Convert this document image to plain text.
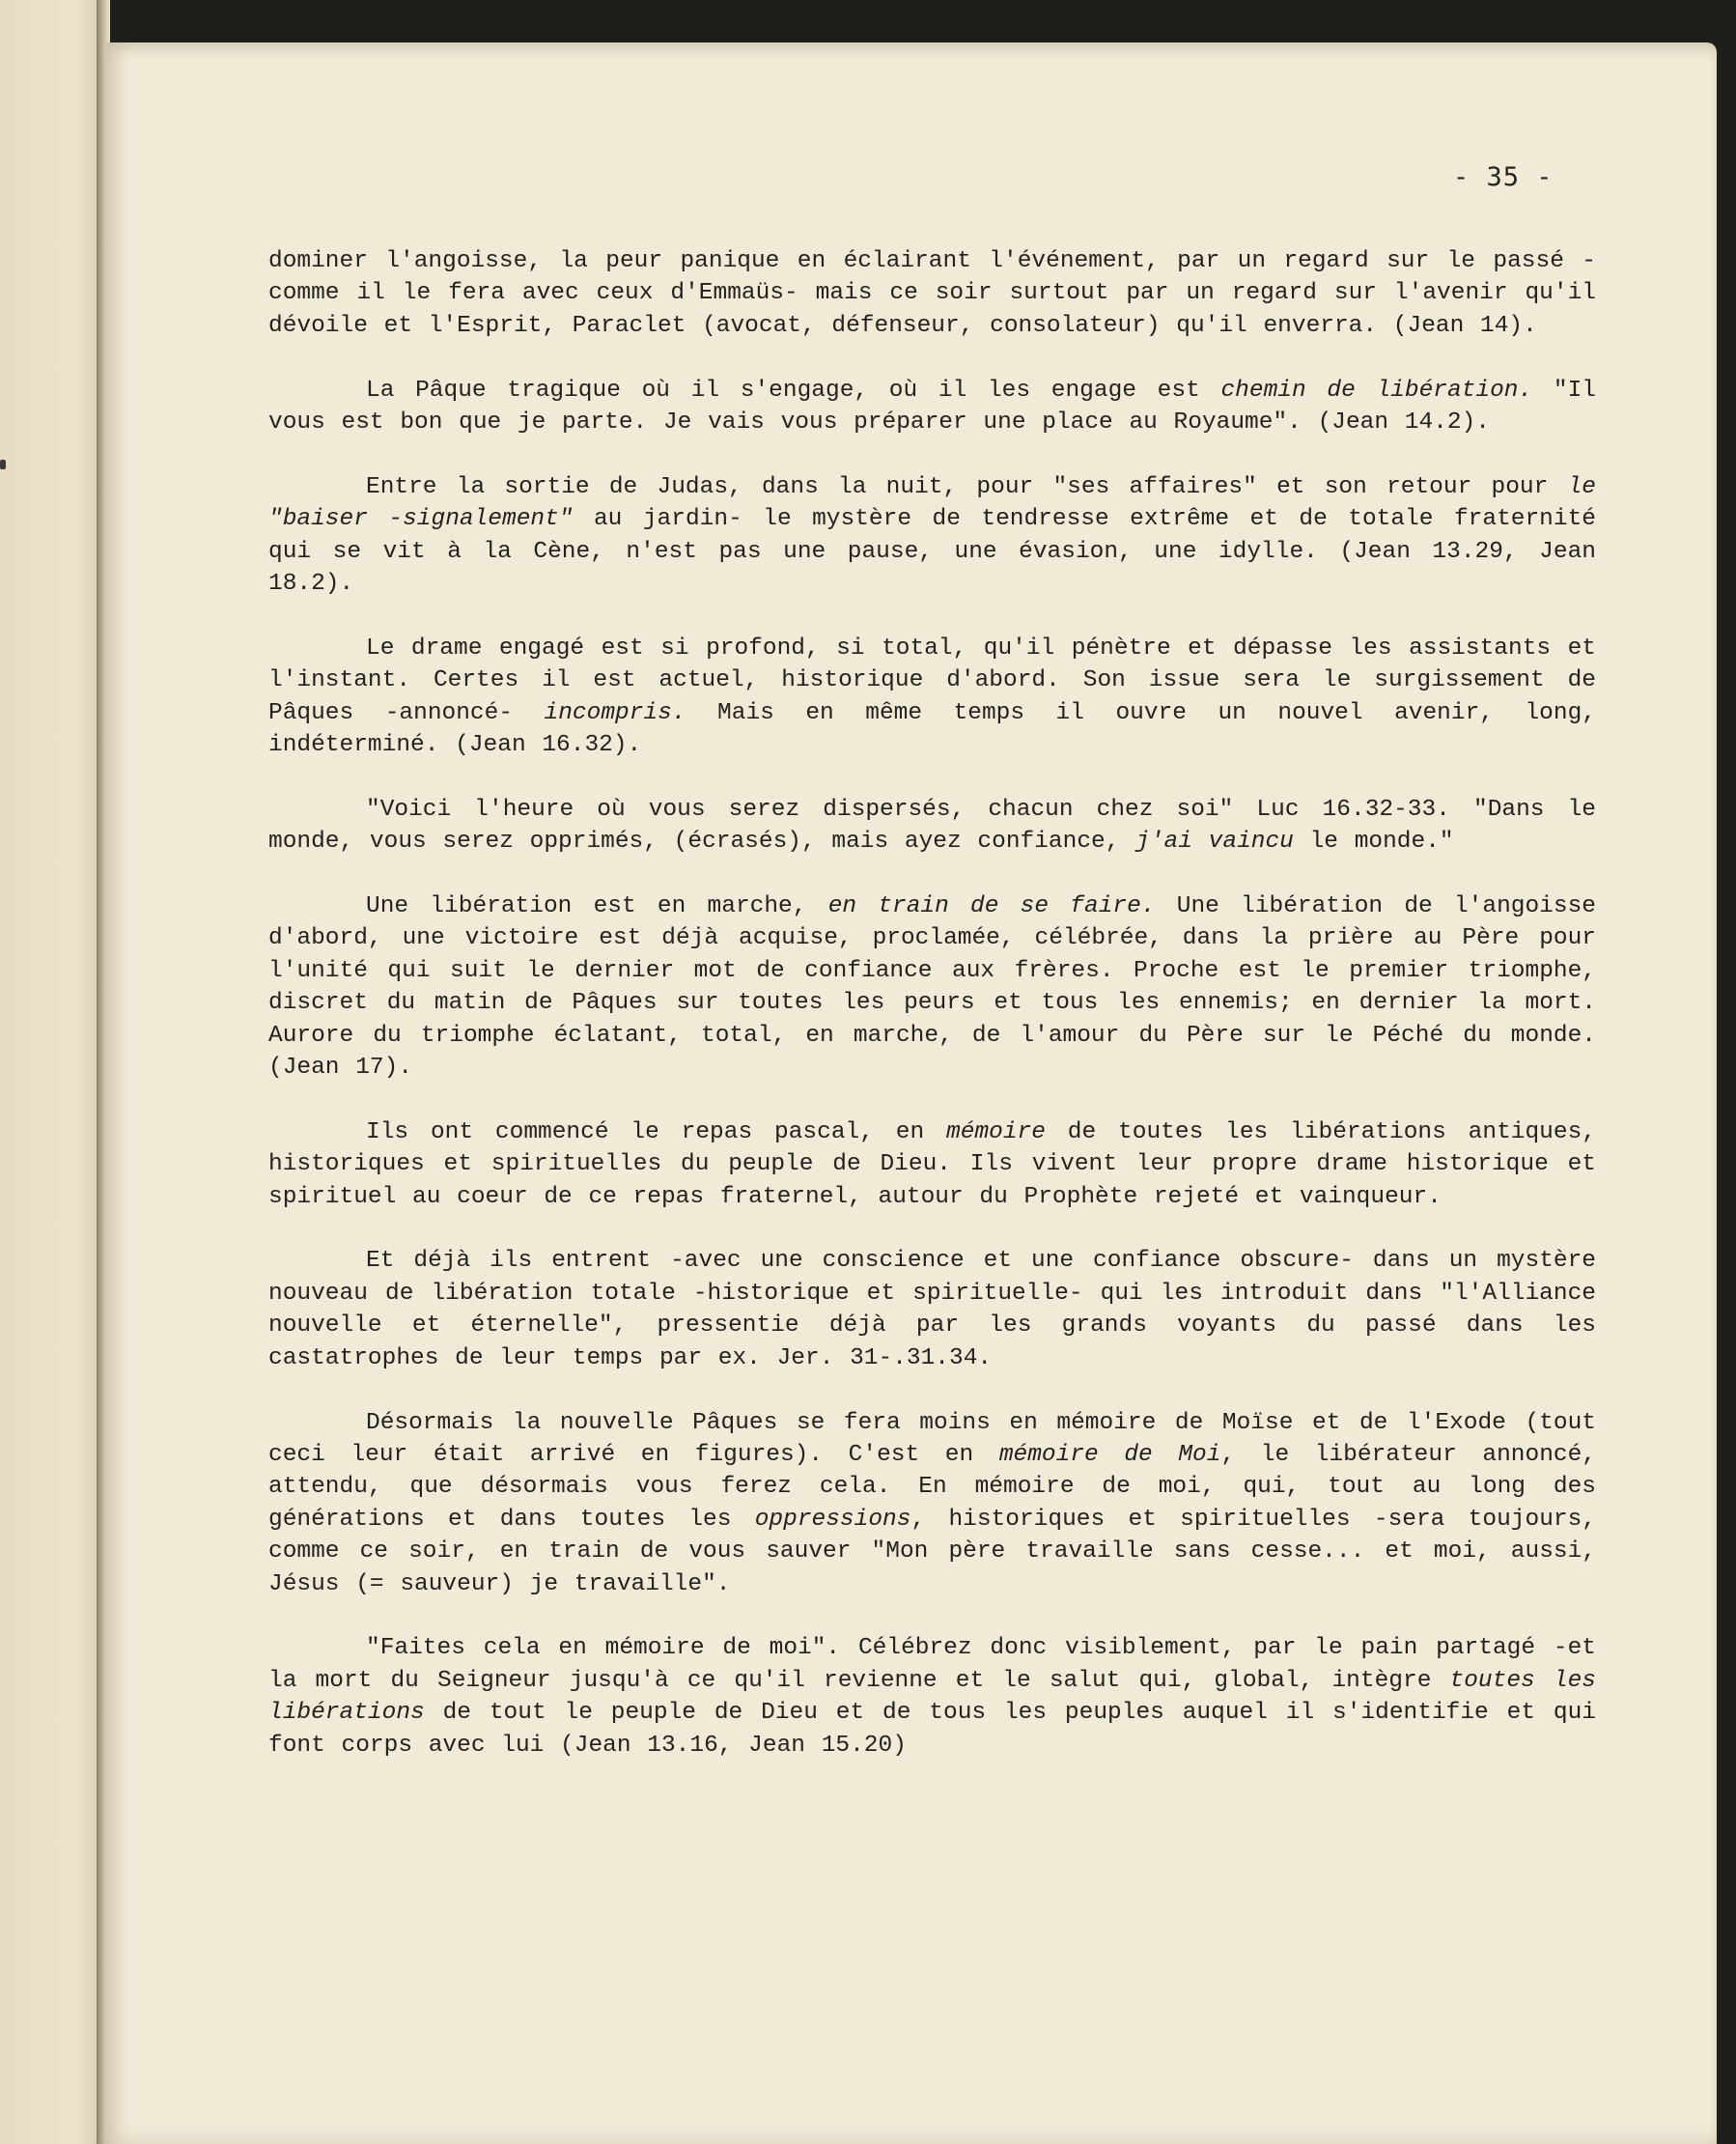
- 35 -

dominer l'angoisse, la peur panique en éclairant l'événement, par un regard sur le passé -comme il le fera avec ceux d'Emmaüs- mais ce soir surtout par un regard sur l'avenir qu'il dévoile et l'Esprit, Paraclet (avocat, défenseur, consolateur) qu'il enverra. (Jean 14).

La Pâque tragique où il s'engage, où il les engage est chemin de libération. "Il vous est bon que je parte. Je vais vous préparer une place au Royaume". (Jean 14.2).

Entre la sortie de Judas, dans la nuit, pour "ses affaires" et son retour pour le "baiser -signalement" au jardin- le mystère de tendresse extrême et de totale fraternité qui se vit à la Cène, n'est pas une pause, une évasion, une idylle. (Jean 13.29, Jean 18.2).

Le drame engagé est si profond, si total, qu'il pénètre et dépasse les assistants et l'instant. Certes il est actuel, historique d'abord. Son issue sera le surgissement de Pâques -annoncé- incompris. Mais en même temps il ouvre un nouvel avenir, long, indéterminé. (Jean 16.32).

"Voici l'heure où vous serez dispersés, chacun chez soi" Luc 16.32-33. "Dans le monde, vous serez opprimés, (écrasés), mais ayez confiance, j'ai vaincu le monde."

Une libération est en marche, en train de se faire. Une libération de l'angoisse d'abord, une victoire est déjà acquise, proclamée, célébrée, dans la prière au Père pour l'unité qui suit le dernier mot de confiance aux frères. Proche est le premier triomphe, discret du matin de Pâques sur toutes les peurs et tous les ennemis; en dernier la mort. Aurore du triomphe éclatant, total, en marche, de l'amour du Père sur le Péché du monde. (Jean 17).

Ils ont commencé le repas pascal, en mémoire de toutes les libérations antiques, historiques et spirituelles du peuple de Dieu. Ils vivent leur propre drame historique et spirituel au coeur de ce repas fraternel, autour du Prophète rejeté et vainqueur.

Et déjà ils entrent -avec une conscience et une confiance obscure- dans un mystère nouveau de libération totale -historique et spirituelle- qui les introduit dans "l'Alliance nouvelle et éternelle", pressentie déjà par les grands voyants du passé dans les castatrophes de leur temps par ex. Jer. 31-.31.34.

Désormais la nouvelle Pâques se fera moins en mémoire de Moïse et de l'Exode (tout ceci leur était arrivé en figures). C'est en mémoire de Moi, le libérateur annoncé, attendu, que désormais vous ferez cela. En mémoire de moi, qui, tout au long des générations et dans toutes les oppressions, historiques et spirituelles -sera toujours, comme ce soir, en train de vous sauver "Mon père travaille sans cesse... et moi, aussi, Jésus (= sauveur) je travaille".

"Faites cela en mémoire de moi". Célébrez donc visiblement, par le pain partagé -et la mort du Seigneur jusqu'à ce qu'il revienne et le salut qui, global, intègre toutes les libérations de tout le peuple de Dieu et de tous les peuples auquel il s'identifie et qui font corps avec lui (Jean 13.16, Jean 15.20)
